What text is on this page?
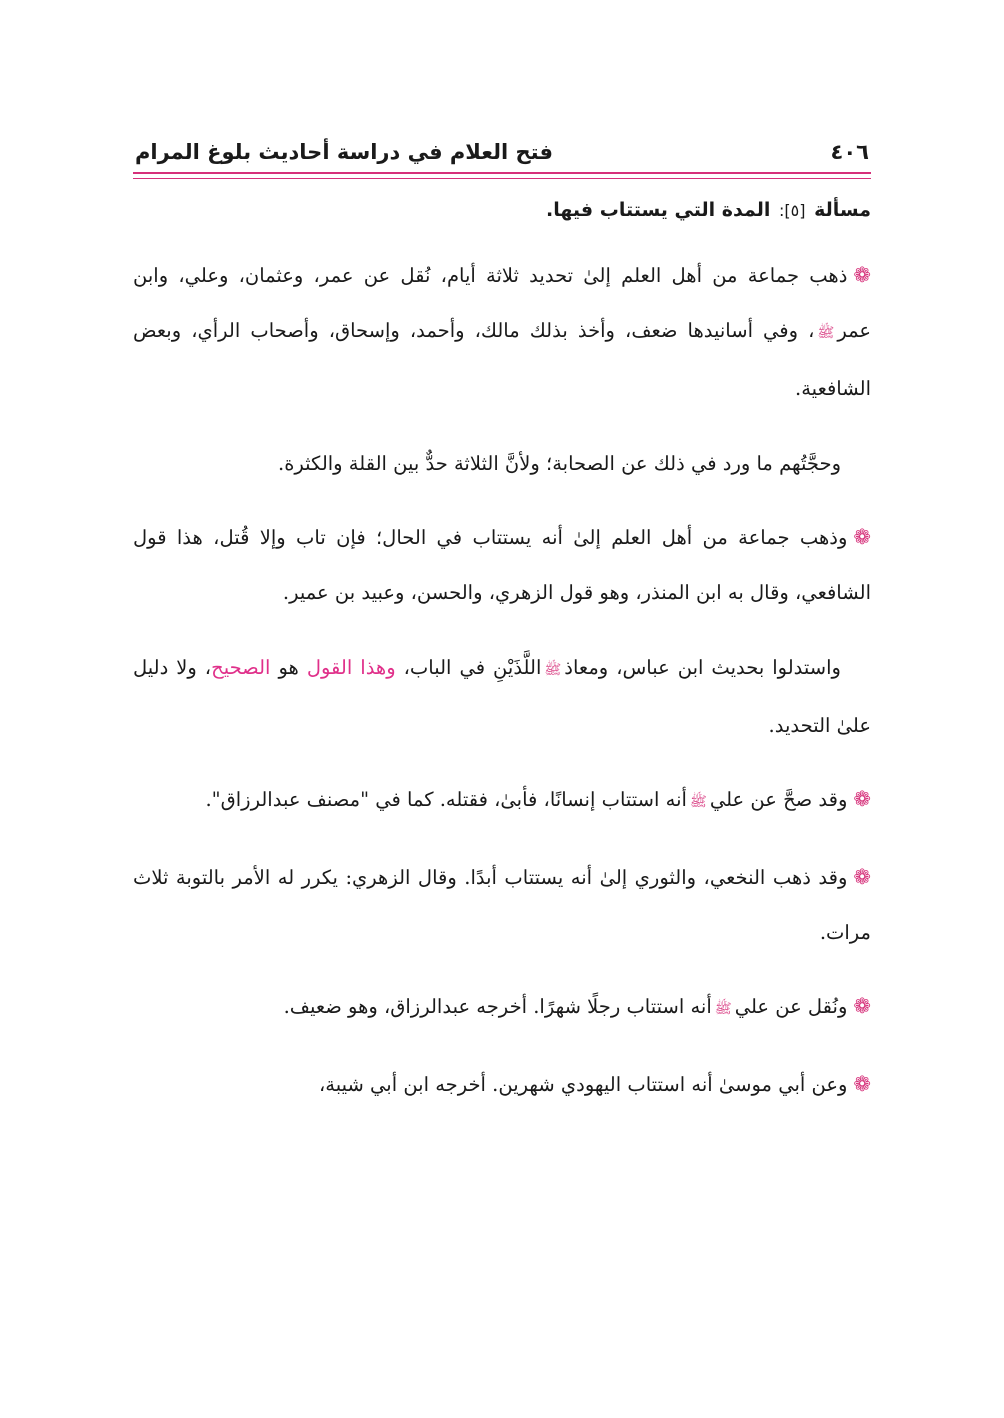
٤٠٦
فتح العلام في دراسة أحاديث بلوغ المرام
مسألة [٥]: المدة التي يستتاب فيها.

❁ذهب جماعة من أهل العلم إلىٰ تحديد ثلاثة أيام، نُقل عن عمر، وعثمان، وعلي، وابن عمرﷺ، وفي أسانيدها ضعف، وأخذ بذلك مالك، وأحمد، وإسحاق، وأصحاب الرأي، وبعض الشافعية.

وحجَّتُهم ما ورد في ذلك عن الصحابة؛ ولأنَّ الثلاثة حدٌّ بين القلة والكثرة.

❁وذهب جماعة من أهل العلم إلىٰ أنه يستتاب في الحال؛ فإن تاب وإلا قُتل، هذا قول الشافعي، وقال به ابن المنذر، وهو قول الزهري، والحسن، وعبيد بن عمير.

واستدلوا بحديث ابن عباس، ومعاذﷺاللَّذَيْنِ في الباب، وهذا القول هو الصحيح، ولا دليل علىٰ التحديد.

❁وقد صحَّ عن عليﷺأنه استتاب إنسانًا، فأبىٰ، فقتله. كما في "مصنف عبدالرزاق".

❁وقد ذهب النخعي، والثوري إلىٰ أنه يستتاب أبدًا. وقال الزهري: يكرر له الأمر بالتوبة ثلاث مرات.

❁ونُقل عن عليﷺأنه استتاب رجلًا شهرًا. أخرجه عبدالرزاق، وهو ضعيف.

❁وعن أبي موسىٰ أنه استتاب اليهودي شهرين. أخرجه ابن أبي شيبة،
